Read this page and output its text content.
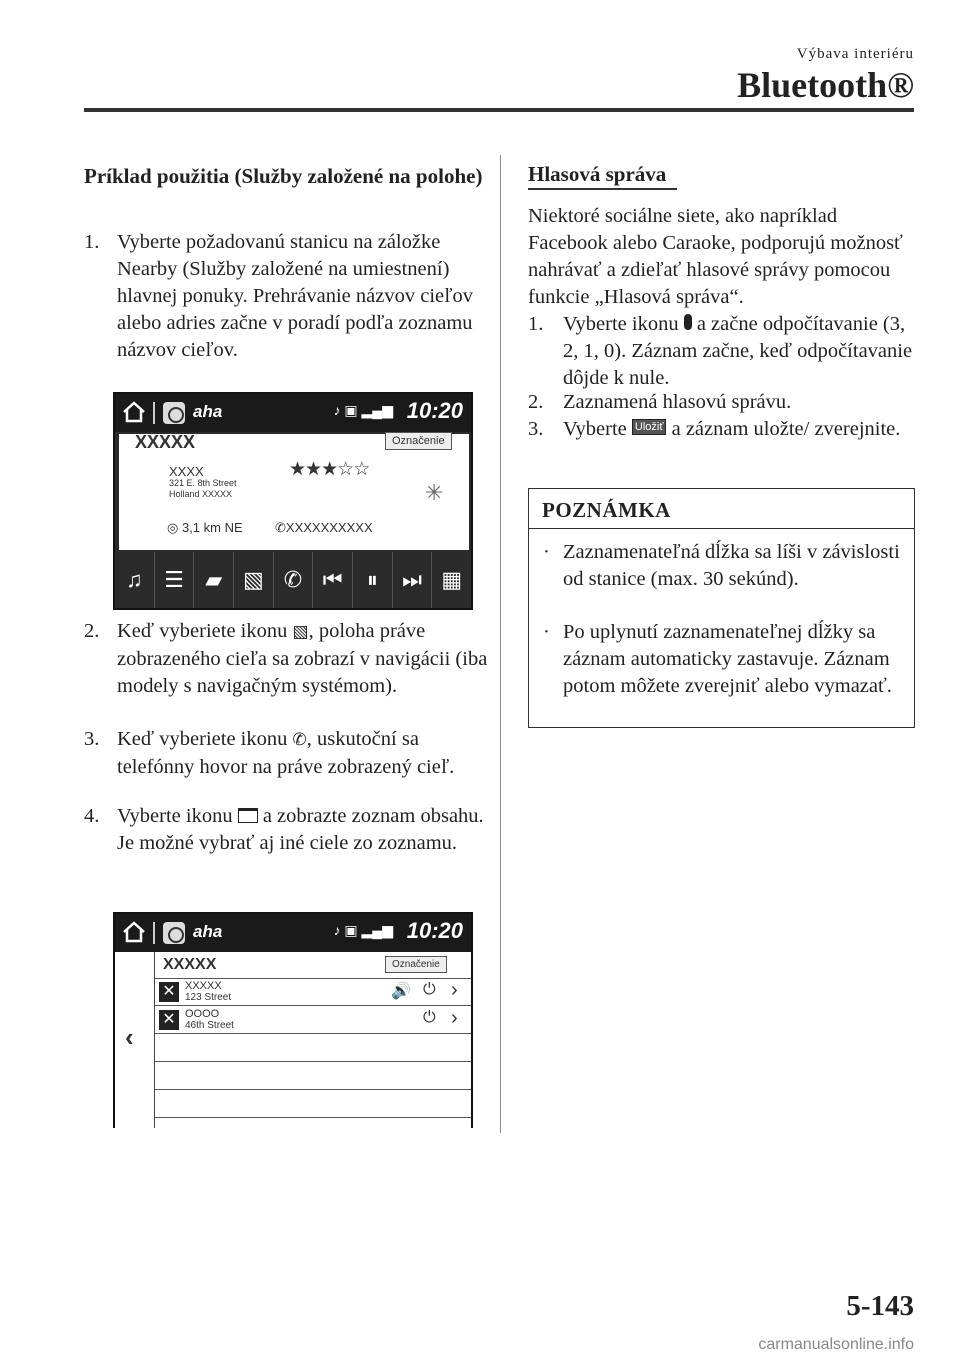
Výbava interiéru
Bluetooth®
Príklad použitia (Služby založené na polohe)
1. Vyberte požadovanú stanicu na záložke Nearby (Služby založené na umiestnení) hlavnej ponuky. Prehrávanie názvov cieľov alebo adries začne v poradí podľa zoznamu názvov cieľov.
aha	♪ ▣ ▂▄▆ 10:20
XXXXX	Označenie
XXXX
321 E. 8th Street
Holland XXXXX
★★★☆☆
✳
◎ 3,1 km NE ✆XXXXXXXXXX
♫ ☰ ▰ ▧ ✆ ⏮	⏸	⏭ ▦
2. Keď vyberiete ikonu ▧, poloha práve zobrazeného cieľa sa zobrazí v navigácii (iba modely s navigačným systémom).
3. Keď vyberiete ikonu ✆, uskutoční sa telefónny hovor na práve zobrazený cieľ.
4. Vyberte ikonu  a zobrazte zoznam obsahu. Je možné vybrať aj iné ciele zo zoznamu.
aha	♪ ▣ ▂▄▆ 10:20
‹
XXXXX	Označenie
✕ XXXXX
123 Street	🔊 ⏻ ›
✕ OOOO
46th Street	⏻ ›
Hlasová správa
Niektoré sociálne siete, ako napríklad Facebook alebo Caraoke, podporujú možnosť nahrávať a zdieľať hlasové správy pomocou funkcie „Hlasová správa“.
1. Vyberte ikonu  a začne odpočítavanie (3, 2, 1, 0). Záznam začne, keď odpočítavanie dôjde k nule.
2. Zaznamená hlasovú správu.
3. Vyberte Uložiť a záznam uložte/ zverejnite.
POZNÁMKA
· Zaznamenateľná dĺžka sa líši v závislosti od stanice (max. 30 sekúnd).
· Po uplynutí zaznamenateľnej dĺžky sa záznam automaticky zastavuje. Záznam potom môžete zverejniť alebo vymazať.
5-143
carmanualsonline.info
